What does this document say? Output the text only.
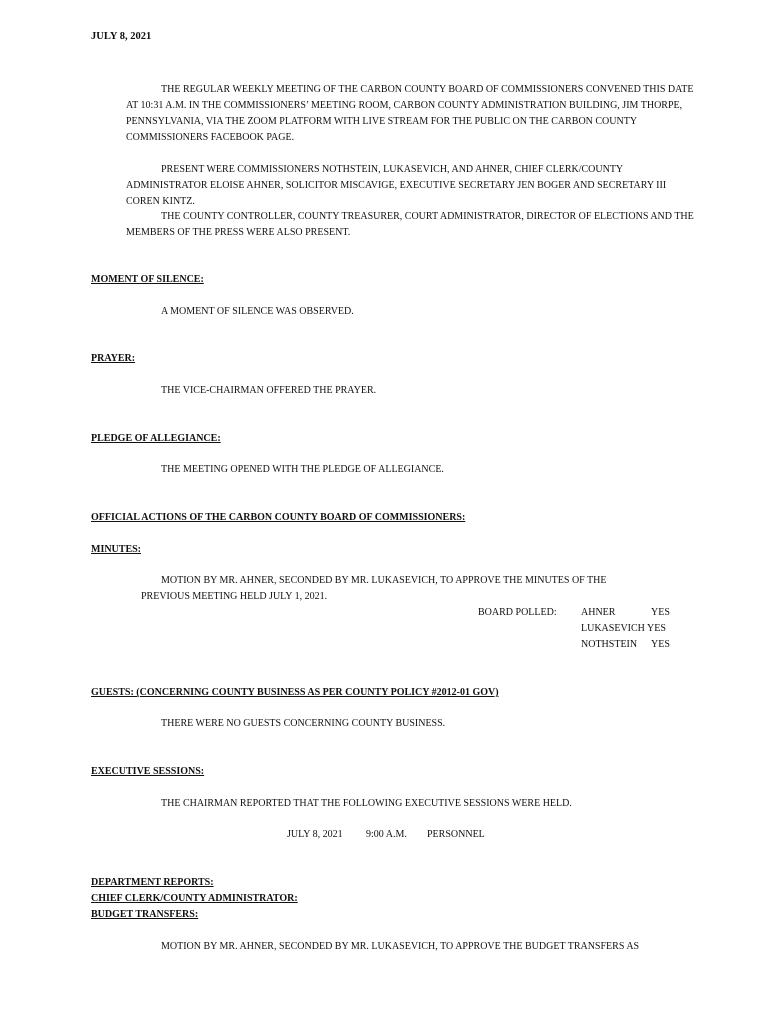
JULY 8, 2021
THE REGULAR WEEKLY MEETING OF THE CARBON COUNTY BOARD OF COMMISSIONERS CONVENED THIS DATE AT 10:31 A.M. IN THE COMMISSIONERS’ MEETING ROOM, CARBON COUNTY ADMINISTRATION BUILDING, JIM THORPE, PENNSYLVANIA, VIA THE ZOOM PLATFORM WITH LIVE STREAM FOR THE PUBLIC ON THE CARBON COUNTY COMMISSIONERS FACEBOOK PAGE.
PRESENT WERE COMMISSIONERS NOTHSTEIN, LUKASEVICH, AND AHNER, CHIEF CLERK/COUNTY ADMINISTRATOR ELOISE AHNER, SOLICITOR MISCAVIGE, EXECUTIVE SECRETARY JEN BOGER AND SECRETARY III COREN KINTZ.
THE COUNTY CONTROLLER, COUNTY TREASURER, COURT ADMINISTRATOR, DIRECTOR OF ELECTIONS AND THE MEMBERS OF THE PRESS WERE ALSO PRESENT.
MOMENT OF SILENCE:
A MOMENT OF SILENCE WAS OBSERVED.
PRAYER:
THE VICE-CHAIRMAN OFFERED THE PRAYER.
PLEDGE OF ALLEGIANCE:
THE MEETING OPENED WITH THE PLEDGE OF ALLEGIANCE.
OFFICIAL ACTIONS OF THE CARBON COUNTY BOARD OF COMMISSIONERS:
MINUTES:
MOTION BY MR. AHNER, SECONDED BY MR. LUKASEVICH, TO APPROVE THE MINUTES OF THE
PREVIOUS MEETING HELD JULY 1, 2021.
BOARD POLLED: AHNER	YES
LUKASEVICH YES
NOTHSTEIN YES
GUESTS: (CONCERNING COUNTY BUSINESS AS PER COUNTY POLICY #2012-01 GOV)
THERE WERE NO GUESTS CONCERNING COUNTY BUSINESS.
EXECUTIVE SESSIONS:
THE CHAIRMAN REPORTED THAT THE FOLLOWING EXECUTIVE SESSIONS WERE HELD.
JULY 8, 2021 9:00 A.M. PERSONNEL
DEPARTMENT REPORTS:
CHIEF CLERK/COUNTY ADMINISTRATOR:
BUDGET TRANSFERS:
MOTION BY MR. AHNER, SECONDED BY MR. LUKASEVICH, TO APPROVE THE BUDGET TRANSFERS AS
